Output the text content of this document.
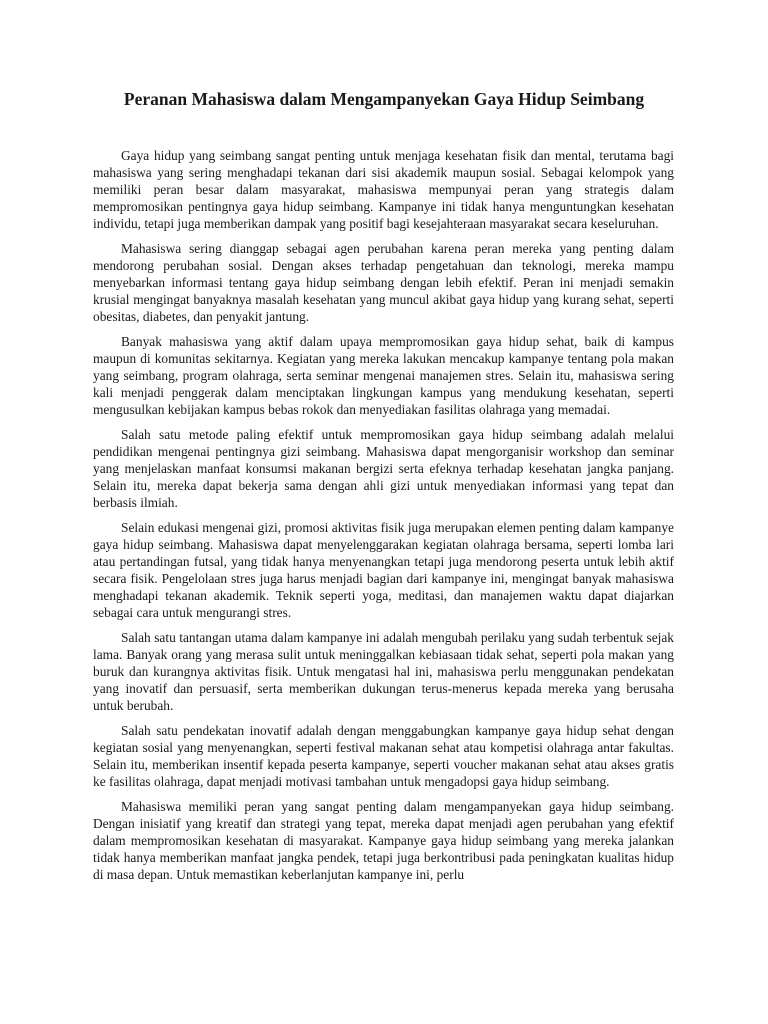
Peranan Mahasiswa dalam Mengampanyekan Gaya Hidup Seimbang

Gaya hidup yang seimbang sangat penting untuk menjaga kesehatan fisik dan mental, terutama bagi mahasiswa yang sering menghadapi tekanan dari sisi akademik maupun sosial. Sebagai kelompok yang memiliki peran besar dalam masyarakat, mahasiswa mempunyai peran yang strategis dalam mempromosikan pentingnya gaya hidup seimbang. Kampanye ini tidak hanya menguntungkan kesehatan individu, tetapi juga memberikan dampak yang positif bagi kesejahteraan masyarakat secara keseluruhan.

Mahasiswa sering dianggap sebagai agen perubahan karena peran mereka yang penting dalam mendorong perubahan sosial. Dengan akses terhadap pengetahuan dan teknologi, mereka mampu menyebarkan informasi tentang gaya hidup seimbang dengan lebih efektif. Peran ini menjadi semakin krusial mengingat banyaknya masalah kesehatan yang muncul akibat gaya hidup yang kurang sehat, seperti obesitas, diabetes, dan penyakit jantung.

Banyak mahasiswa yang aktif dalam upaya mempromosikan gaya hidup sehat, baik di kampus maupun di komunitas sekitarnya. Kegiatan yang mereka lakukan mencakup kampanye tentang pola makan yang seimbang, program olahraga, serta seminar mengenai manajemen stres. Selain itu, mahasiswa sering kali menjadi penggerak dalam menciptakan lingkungan kampus yang mendukung kesehatan, seperti mengusulkan kebijakan kampus bebas rokok dan menyediakan fasilitas olahraga yang memadai.

Salah satu metode paling efektif untuk mempromosikan gaya hidup seimbang adalah melalui pendidikan mengenai pentingnya gizi seimbang. Mahasiswa dapat mengorganisir workshop dan seminar yang menjelaskan manfaat konsumsi makanan bergizi serta efeknya terhadap kesehatan jangka panjang. Selain itu, mereka dapat bekerja sama dengan ahli gizi untuk menyediakan informasi yang tepat dan berbasis ilmiah.

Selain edukasi mengenai gizi, promosi aktivitas fisik juga merupakan elemen penting dalam kampanye gaya hidup seimbang. Mahasiswa dapat menyelenggarakan kegiatan olahraga bersama, seperti lomba lari atau pertandingan futsal, yang tidak hanya menyenangkan tetapi juga mendorong peserta untuk lebih aktif secara fisik. Pengelolaan stres juga harus menjadi bagian dari kampanye ini, mengingat banyak mahasiswa menghadapi tekanan akademik. Teknik seperti yoga, meditasi, dan manajemen waktu dapat diajarkan sebagai cara untuk mengurangi stres.

Salah satu tantangan utama dalam kampanye ini adalah mengubah perilaku yang sudah terbentuk sejak lama. Banyak orang yang merasa sulit untuk meninggalkan kebiasaan tidak sehat, seperti pola makan yang buruk dan kurangnya aktivitas fisik. Untuk mengatasi hal ini, mahasiswa perlu menggunakan pendekatan yang inovatif dan persuasif, serta memberikan dukungan terus-menerus kepada mereka yang berusaha untuk berubah.

Salah satu pendekatan inovatif adalah dengan menggabungkan kampanye gaya hidup sehat dengan kegiatan sosial yang menyenangkan, seperti festival makanan sehat atau kompetisi olahraga antar fakultas. Selain itu, memberikan insentif kepada peserta kampanye, seperti voucher makanan sehat atau akses gratis ke fasilitas olahraga, dapat menjadi motivasi tambahan untuk mengadopsi gaya hidup seimbang.

Mahasiswa memiliki peran yang sangat penting dalam mengampanyekan gaya hidup seimbang. Dengan inisiatif yang kreatif dan strategi yang tepat, mereka dapat menjadi agen perubahan yang efektif dalam mempromosikan kesehatan di masyarakat. Kampanye gaya hidup seimbang yang mereka jalankan tidak hanya memberikan manfaat jangka pendek, tetapi juga berkontribusi pada peningkatan kualitas hidup di masa depan. Untuk memastikan keberlanjutan kampanye ini, perlu
